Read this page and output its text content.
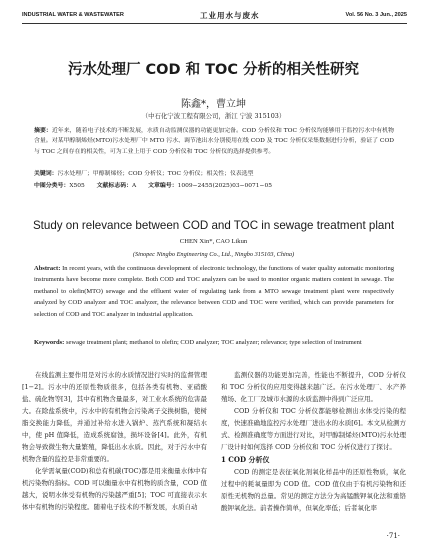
INDUSTRIAL WATER & WASTEWATER	工业用水与废水	Vol. 56 No. 3 Jun., 2025
污水处理厂 COD 和 TOC 分析的相关性研究
陈鑫*，曹立坤
（中石化宁波工程有限公司，浙江 宁波 315103）
摘要：近年来，随着电子技术的不断发展，水质自动监测仪器的功能更加完备。COD 分析仪和 TOC 分析仪均能够用于监控污水中有机物含量。对某甲醇制烯烃(MTO)污水处理厂中 MTO 污水、调节池出水分别使用在线 COD 及 TOC 分析仪采集数据进行分析，验证了 COD 与 TOC 之间存在的相关性，可为工业上用于 COD 分析仪和 TOC 分析仪的选择提供参考。
关键词：污水处理厂；甲醇制烯烃；COD 分析仪；TOC 分析仪；相关性；仪表选型
中图分类号：X505 文献标志码：A 文章编号：1009−2455(2025)03−0071−05
Study on relevance between COD and TOC in sewage treatment plant
CHEN Xin*, CAO Likun
(Sinopec Ningbo Engineering Co., Ltd., Ningbo 315103, China)
Abstract: In recent years, with the continuous development of electronic technology, the functions of water quality automatic monitoring instruments have become more complete. Both COD and TOC analyzers can be used to monitor organic matters content in sewage. The methanol to olefin(MTO) sewage and the effluent water of regulating tank from a MTO sewage treatment plant were respectively analyzed by COD analyzer and TOC analyzer, the relevance between COD and TOC were verified, which can provide parameters for selection of COD and TOC analyzer in industrial application.
Keywords: sewage treatment plant; methanol to olefin; COD analyzer; TOC analyzer; relevance; type selection of instrument

在线监测主要作用是对污水的水质情况进行实时的监督管理[1−2]。污水中的还原性物质很多，包括各类有机物、亚硝酸盐、硫化物等[3]，其中有机物含量最多，对工业水系统的危害最大。在除盐系统中，污水中的有机物会污染离子交换树脂，使树脂交换能力降低，并通过补给水进入锅炉、蒸汽系统和凝结水中，使 pH 值降低，造成系统腐蚀，损坏设备[4]。此外，有机物会导致微生物大量繁殖，降低出水水质。因此，对于污水中有机物含量的监控是非常重要的。

化学需氧量(COD)和总有机碳(TOC)都是用来衡量水体中有机污染物的指标。COD 可以衡量水中有机物的质含量，COD 值越大，说明水体受有机物的污染越严重[5]；TOC 可直接表示水体中有机物的污染程度。随着电子技术的不断发展，水质自动

监测仪器的功能更加完善，性能也不断提升，COD 分析仪和 TOC 分析仪的应用变得越来越广泛。在污水处理厂、水产养殖场、化工厂及城市水源的水质监测中得到广泛应用。

COD 分析仪和 TOC 分析仪都能够检测出水体受污染的程度，快速准确地监控污水处理厂进出水的水质[6]。本文从检测方式、检测准确度等方面进行对比，对甲醇制烯烃(MTO)污水处理厂设计时如何选择 COD 分析仪和 TOC 分析仪进行了探讨。

1 COD 分析仪

COD 的测定是表征氧化剂氧化样品中的还原性物质，氧化过程中的耗氧量即为 COD 值。COD 值仅由于有机污染物和还原性无机物的总量。常见的测定方法分为高锰酸钾氧化法和重铬酸钾氧化法。前者操作简单，但氧化率低；后者氧化率

·71·
